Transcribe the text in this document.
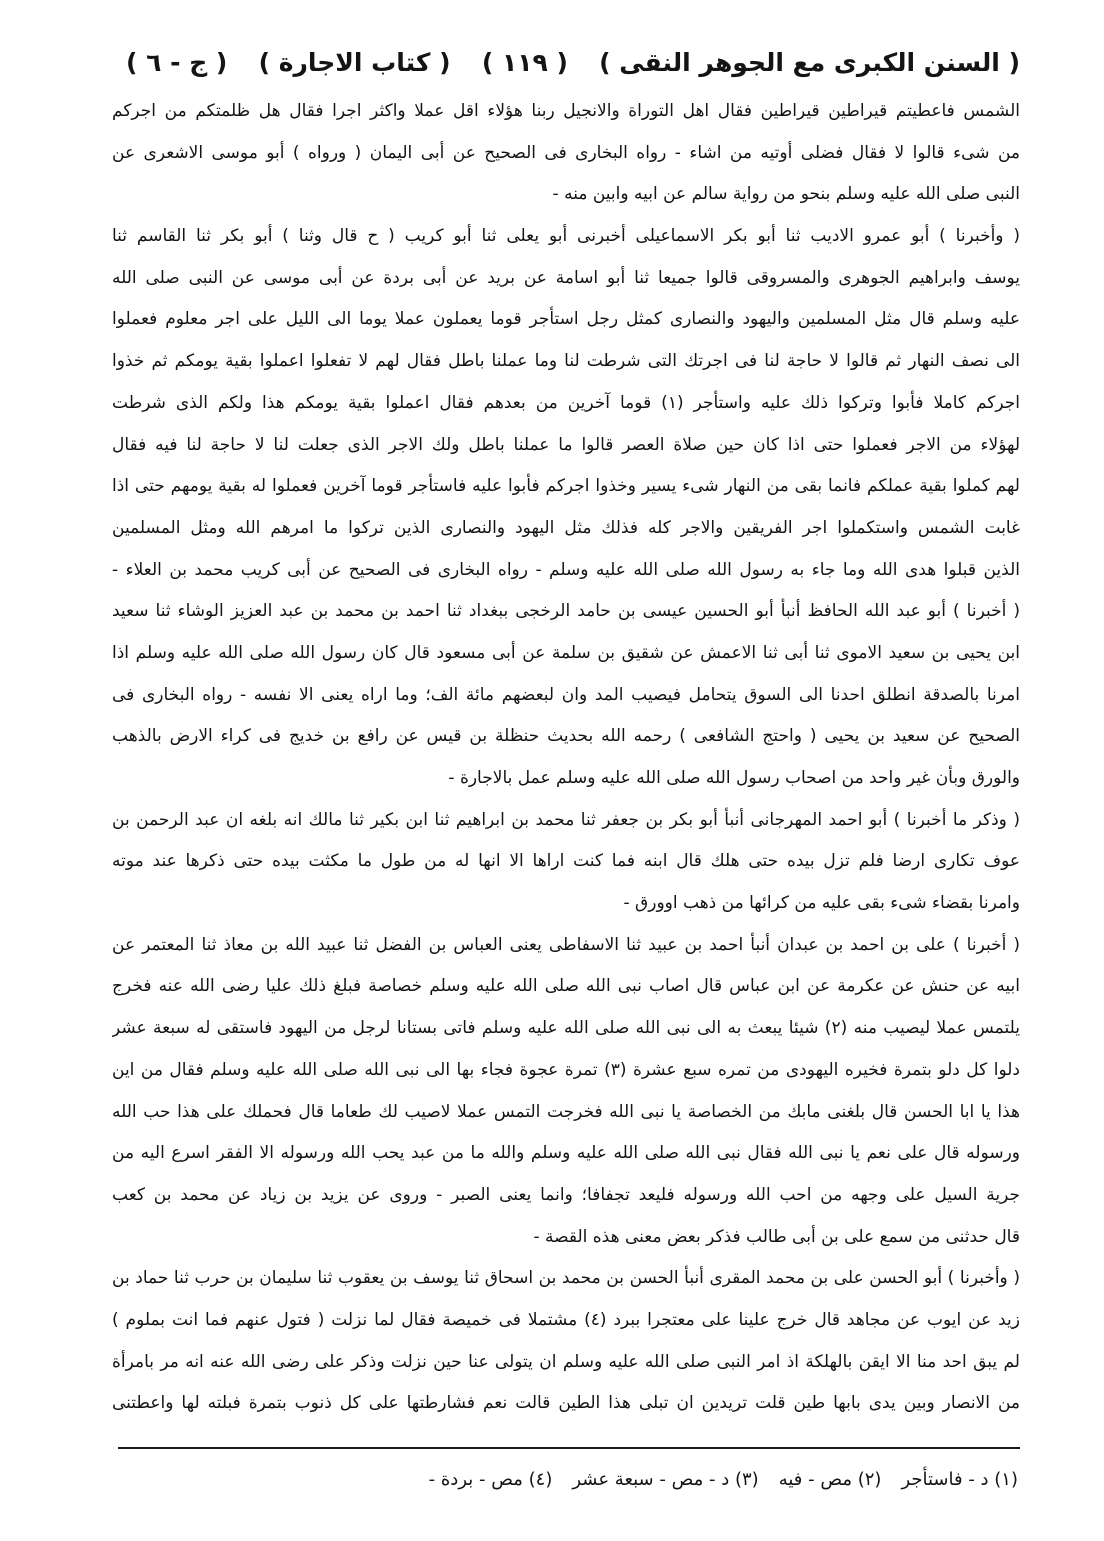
( السنن الكبرى مع الجوهر النقى )
( ١١٩ )
( كتاب الاجارة )
( ج - ٦ )
الشمس فاعطيتم قيراطين قيراطين فقال اهل التوراة والانجيل ربنا هؤلاء اقل عملا واكثر اجرا فقال هل ظلمتكم من اجركم
من شىء قالوا لا فقال فضلى أوتيه من اشاء - رواه البخارى فى الصحيح عن أبى اليمان ( ورواه ) أبو موسى الاشعرى عن
النبى صلى الله عليه وسلم بنحو من رواية سالم عن ابيه وابين منه -
( وأخبرنا ) أبو عمرو الاديب ثنا أبو بكر الاسماعيلى أخبرنى أبو يعلى ثنا أبو كريب ( ح قال وثنا ) أبو بكر ثنا القاسم ثنا
يوسف وابراهيم الجوهرى والمسروقى قالوا جميعا ثنا أبو اسامة عن بريد عن أبى بردة عن أبى موسى عن النبى صلى الله
عليه وسلم قال مثل المسلمين واليهود والنصارى كمثل رجل استأجر قوما يعملون عملا يوما الى الليل على اجر معلوم فعملوا
الى نصف النهار ثم قالوا لا حاجة لنا فى اجرتك التى شرطت لنا وما عملنا باطل فقال لهم لا تفعلوا اعملوا بقية يومكم ثم خذوا
اجركم كاملا فأبوا وتركوا ذلك عليه واستأجر (١) قوما آخرين من بعدهم فقال اعملوا بقية يومكم هذا ولكم الذى شرطت
لهؤلاء من الاجر فعملوا حتى اذا كان حين صلاة العصر قالوا ما عملنا باطل ولك الاجر الذى جعلت لنا لا حاجة لنا فيه فقال
لهم كملوا بقية عملكم فانما بقى من النهار شىء يسير وخذوا اجركم فأبوا عليه فاستأجر قوما آخرين فعملوا له بقية يومهم حتى اذا
غابت الشمس واستكملوا اجر الفريقين والاجر كله فذلك مثل اليهود والنصارى الذين تركوا ما امرهم الله ومثل المسلمين
الذين قبلوا هدى الله وما جاء به رسول الله صلى الله عليه وسلم - رواه البخارى فى الصحيح عن أبى كريب محمد بن العلاء -
( أخبرنا ) أبو عبد الله الحافظ أنبأ أبو الحسين عيسى بن حامد الرخجى ببغداد ثنا احمد بن محمد بن عبد العزيز الوشاء ثنا سعيد
ابن يحيى بن سعيد الاموى ثنا أبى ثنا الاعمش عن شقيق بن سلمة عن أبى مسعود قال كان رسول الله صلى الله عليه وسلم اذا
امرنا بالصدقة انطلق احدنا الى السوق يتحامل فيصيب المد وان لبعضهم مائة الف؛ وما اراه يعنى الا نفسه - رواه البخارى فى
الصحيح عن سعيد بن يحيى ( واحتج الشافعى ) رحمه الله بحديث حنظلة بن قيس عن رافع بن خديج فى كراء الارض بالذهب
والورق وبأن غير واحد من اصحاب رسول الله صلى الله عليه وسلم عمل بالاجارة -
( وذكر ما أخبرنا ) أبو احمد المهرجانى أنبأ أبو بكر بن جعفر ثنا محمد بن ابراهيم ثنا ابن بكير ثنا مالك انه بلغه ان عبد الرحمن بن
عوف تكارى ارضا فلم تزل بيده حتى هلك قال ابنه فما كنت اراها الا انها له من طول ما مكثت بيده حتى ذكرها عند موته
وامرنا بقضاء شىء بقى عليه من كرائها من ذهب اوورق -
( أخبرنا ) على بن احمد بن عبدان أنبأ احمد بن عبيد ثنا الاسفاطى يعنى العباس بن الفضل ثنا عبيد الله بن معاذ ثنا المعتمر عن
ابيه عن حنش عن عكرمة عن ابن عباس قال اصاب نبى الله صلى الله عليه وسلم خصاصة فبلغ ذلك عليا رضى الله عنه فخرج
يلتمس عملا ليصيب منه (٢) شيئا يبعث به الى نبى الله صلى الله عليه وسلم فاتى بستانا لرجل من اليهود فاستقى له سبعة عشر
دلوا كل دلو بتمرة فخيره اليهودى من تمره سبع عشرة (٣) تمرة عجوة فجاء بها الى نبى الله صلى الله عليه وسلم فقال من اين
هذا يا ابا الحسن قال بلغنى مابك من الخصاصة يا نبى الله فخرجت التمس عملا لاصيب لك طعاما قال فحملك على هذا حب الله
ورسوله قال على نعم يا نبى الله فقال نبى الله صلى الله عليه وسلم والله ما من عبد يحب الله ورسوله الا الفقر اسرع اليه من
جرية السيل على وجهه من احب الله ورسوله فليعد تجفافا؛ وانما يعنى الصبر - وروى عن يزيد بن زياد عن محمد بن كعب
قال حدثنى من سمع على بن أبى طالب فذكر بعض معنى هذه القصة -
( وأخبرنا ) أبو الحسن على بن محمد المقرى أنبأ الحسن بن محمد بن اسحاق ثنا يوسف بن يعقوب ثنا سليمان بن حرب ثنا حماد بن
زيد عن ايوب عن مجاهد قال خرج علينا على معتجرا ببرد (٤) مشتملا فى خميصة فقال لما نزلت ( فتول عنهم فما انت بملوم )
لم يبق احد منا الا ايقن بالهلكة اذ امر النبى صلى الله عليه وسلم ان يتولى عنا حين نزلت وذكر على رضى الله عنه انه مر بامرأة
من الانصار وبين يدى بابها طين قلت تريدين ان تبلى هذا الطين قالت نعم فشارطتها على كل ذنوب بتمرة فبلته لها واعطتنى
(١) د - فاستأجر
(٢) مص - فيه
(٣) د - مص - سبعة عشر
(٤) مص - بردة -
